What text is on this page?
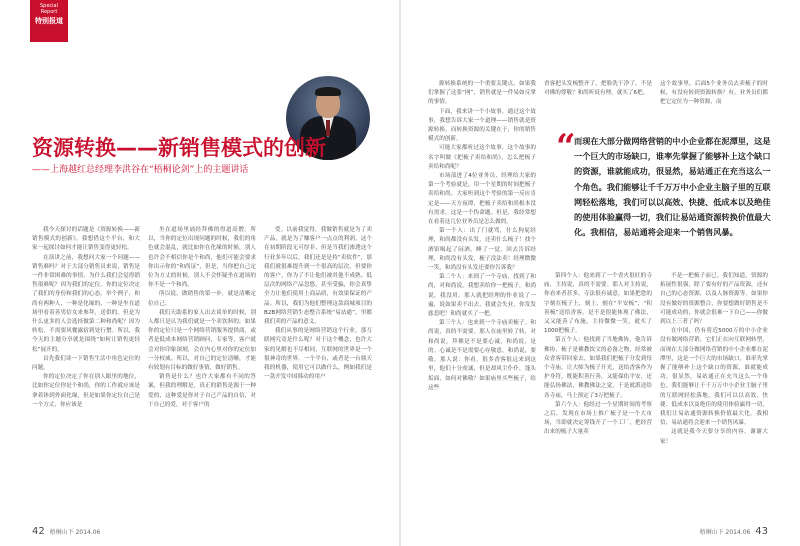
Special Report
特别报道
资源转换——新销售模式的创新
——上海越红总经理李洪谷在“梧桐论剑”上的主题讲话

我今天探讨的话题是《资源转换——新销售模式的创新》，我想借这个平台，和大家一起探讨如何才能让销售变得更轻松。

在演讲之前，我想问大家一个问题——销售难吗？对于大部分销售员来说，销售是一件非常困难的事情。为什么我们会觉得销售很难呢？因为我们的定位。你的定位决定了我们的身份和我们的心态。举个例子，和尚有两种人，一种是化缘的，一种是坐在道场里看着善男信女来参拜，送供的。但是为什么更多的人会选择做第二种和尚呢？因为转松，不需要风餐露宿到处行僧。所以，我今天的主题分享就是围绕“如何让销售更轻松”展开的。

首先我们谈一下销售生活中角色定位的问题。

你的定位决定了你在别人眼里的地位，比如你定位你是个和尚，你的工作就应该是拿着钵到外面化缘，但是如果你定位自己是一个方丈，你应该是

坐在道场里诵经拜佛的得道高僧。所以，当你的定位出现问题的时候，我们的角色就会混乱，就比如你在化缘的时候，别人也许会不相信你是个和尚，他们可能会要求你出示你的“和尚证”，但是，当你把自己定位为方丈的时候，别人不会怀疑坐在道场的你不是一个和尚。

所以说，做销售的第一步，就是清晰定位自己。

我们天助系的家人出去谈单的时候，别人都只是认为我们就是一个卖饮料的，如果你的定位只是一个网络营销服务提供商，或者是低成本网络营销顾问，专家等，客户就会对你印象深刻，会在内心里对你的定位加一分权威。所以，对自己的定位清晰，才能有较划有目标的做好事情，做好销售。

销售是什么？也许大家都有不同的答案，但我的理解是，真正的销售是源于一种爱的，这种爱是你对于自己产品的自信，对于自己的爱，对于客户的

爱。以前我觉得，我做销售就是为了卖产品，就是为了赚客户一点点的利润。这个在初期阶段无可厚非，但是当我们渗透这个行业多年以后，我们还是是持“卖软件”，那我们就很难提升到一个很高的层次。但要你的客户，你为了不让他们被其他不成熟、低层次的网络产品忽悠，甚至受骗，你会真挚全力让他们使用上商品质，有效果保证的产品。所以，我们为他们整理这款商城项目的B2B网络营销生态整合系统“易站通”，里都我们卖的产品的意义。

我们从事的是网络营销这个行业，那互联网究竟是什么呢？对于这个概念，也许大家的见解也不尽相同，互联网的世界是一个很神奇的世界，一个平台，或者是一台鼎天我的机器，使用它可以做什么，例如我们是一款开发中国移动的用户

源转换系统的一个重要关键点。如果我们掌握了这张“网”，销售就是一件易如反掌的事情。

下面，我来讲一个小故事，通过这个故事，我想告诉大家一个道理——销售就是资源转换，而转换资源的关键在于，你的销售模式的创新。

可能大家都听过这个故事，这个故事的名字叫做《把梳子卖给和尚》，怎么把梳子卖给和尚呢？

市场部进了4位业务员，经理给大家的第一个考验就是，用一个星期的时间把梳子卖给和尚。大家听到这个考验的第一反应肯定是——天方夜谭，把梳子卖给和尚根本没有需求，这是一个伪命题。但是，我经常想在看着这几位业务员是怎么做的。

第一个人：出了门就骂，什么狗屁经理，和尚都没有头发，还卖什么梳子！找个酒馆喝起了闷酒，睡了一觉，回去告诉经理，和尚没有头发，梳子没法卖！经理微微一笑，和尚没有头发还要你告诉我？

第二个人：来到了一个寺庙，找到了和尚，对和尚说，我想卖给你一把梳子，和尚说，我没用。那人就把经理的作业说了一遍，说如果卖不出去，我就会失业，你发发慈悲吧！和尚就买了一把。

第三个人：也来到一个寺庙卖梳子。和尚说，真的不需要。那人在庙里转了转，对和尚说，拜佛是不是要心诚，和尚说，是的。心诚是不是需要心存敬意，和尚说，要敬。那人说：你看，很多香客很远来到这里，他们十分虔诚，但是却风尘仆仆，蓬头垢面，如何对佛敬？如果庙里买些梳子，给这些

香客把头发梳整齐了，把脸洗干净了，不是对佛的尊敬？和尚听说有理，就买了6把。

这个故事里，后面5个业务员去卖梳子的时候，有没有转到资源转换？有。业务员们都把它定位为一种资源，而

“
而现在大部分做网络营销的中小企业都在泥潭里，这是一个巨大的市场缺口，谁率先掌握了能够补上这个缺口的资源，谁就能成功，很显然，易站通正在充当这么一个角色。我们能够让千千万万中小企业主脑子里的互联网轻松落地，我们可以以高效、快捷、低成本以及绝佳的使用体验赢得一切，我们让易站通资源转换价值最大化。我相信，易站通将会迎来一个销售风暴。

第四个人：他来到了一个香火很旺的寺庙，主持说，真的不需要。那人对主持说，你看来者甚多，寺法很有诚意，如果把您的字刻在梳子上，刻上，刻在“平安梳”、“积善梳”送给香客，是不是很能体现了佛法，又又能善了布施，主持微微一笑，就买了1000把梳子。

第五个人：他找到了当地佛协，他告诉佛协，梳子是佛教饮文的必备之物，经常被众香客带回家去，如果我们把梳子分发到每个寺庙，让大师为梳子开光，送给香客作为护身符，既能积善行善，又能保佑平安，还能弘扬佛法，佛教佛法之觉，于是就派送给各寺庙，马上预定了3万把梳子。

第六个人：他经过一个星期时间的考察之后，发现在市场上推广梳子是一个大市场，当即就决定筹钱开了一个工厂，把经营出来的梳子大量卖

不是一把梳子而已。我们知道，资源的拓展性很强，除了要有好的产品资源，还有自己的心态资源，以及人脉资源等。如果你没有做好的资源整合，你要想做好销售是不可能成功的，你就会很难一下自己——你做到以上三者了吗？

在中国，仍有将近5000万的中小企业没有做网络营销，它们正在向互联网转型，而现在大部分做网络营销的中小企业都在泥潭里，这是一个巨大的市场缺口，谁率先掌握了能够补上这个缺口的资源，谁就能成功，很显然，易站通正在充当这么一个角色。我们能够让千千万万中小企业主脑子里的互联网轻松落地，我们可以以高效、快捷、低成本以及绝佳的使用体验赢得一切，我们让易站通资源转换价值最大化。我相信，易站通将会迎来一个销售风暴。

这就是我今天要分享的内容，谢谢大家！

42 梧桐山下 2014.06	梧桐山下 2014.06 43
